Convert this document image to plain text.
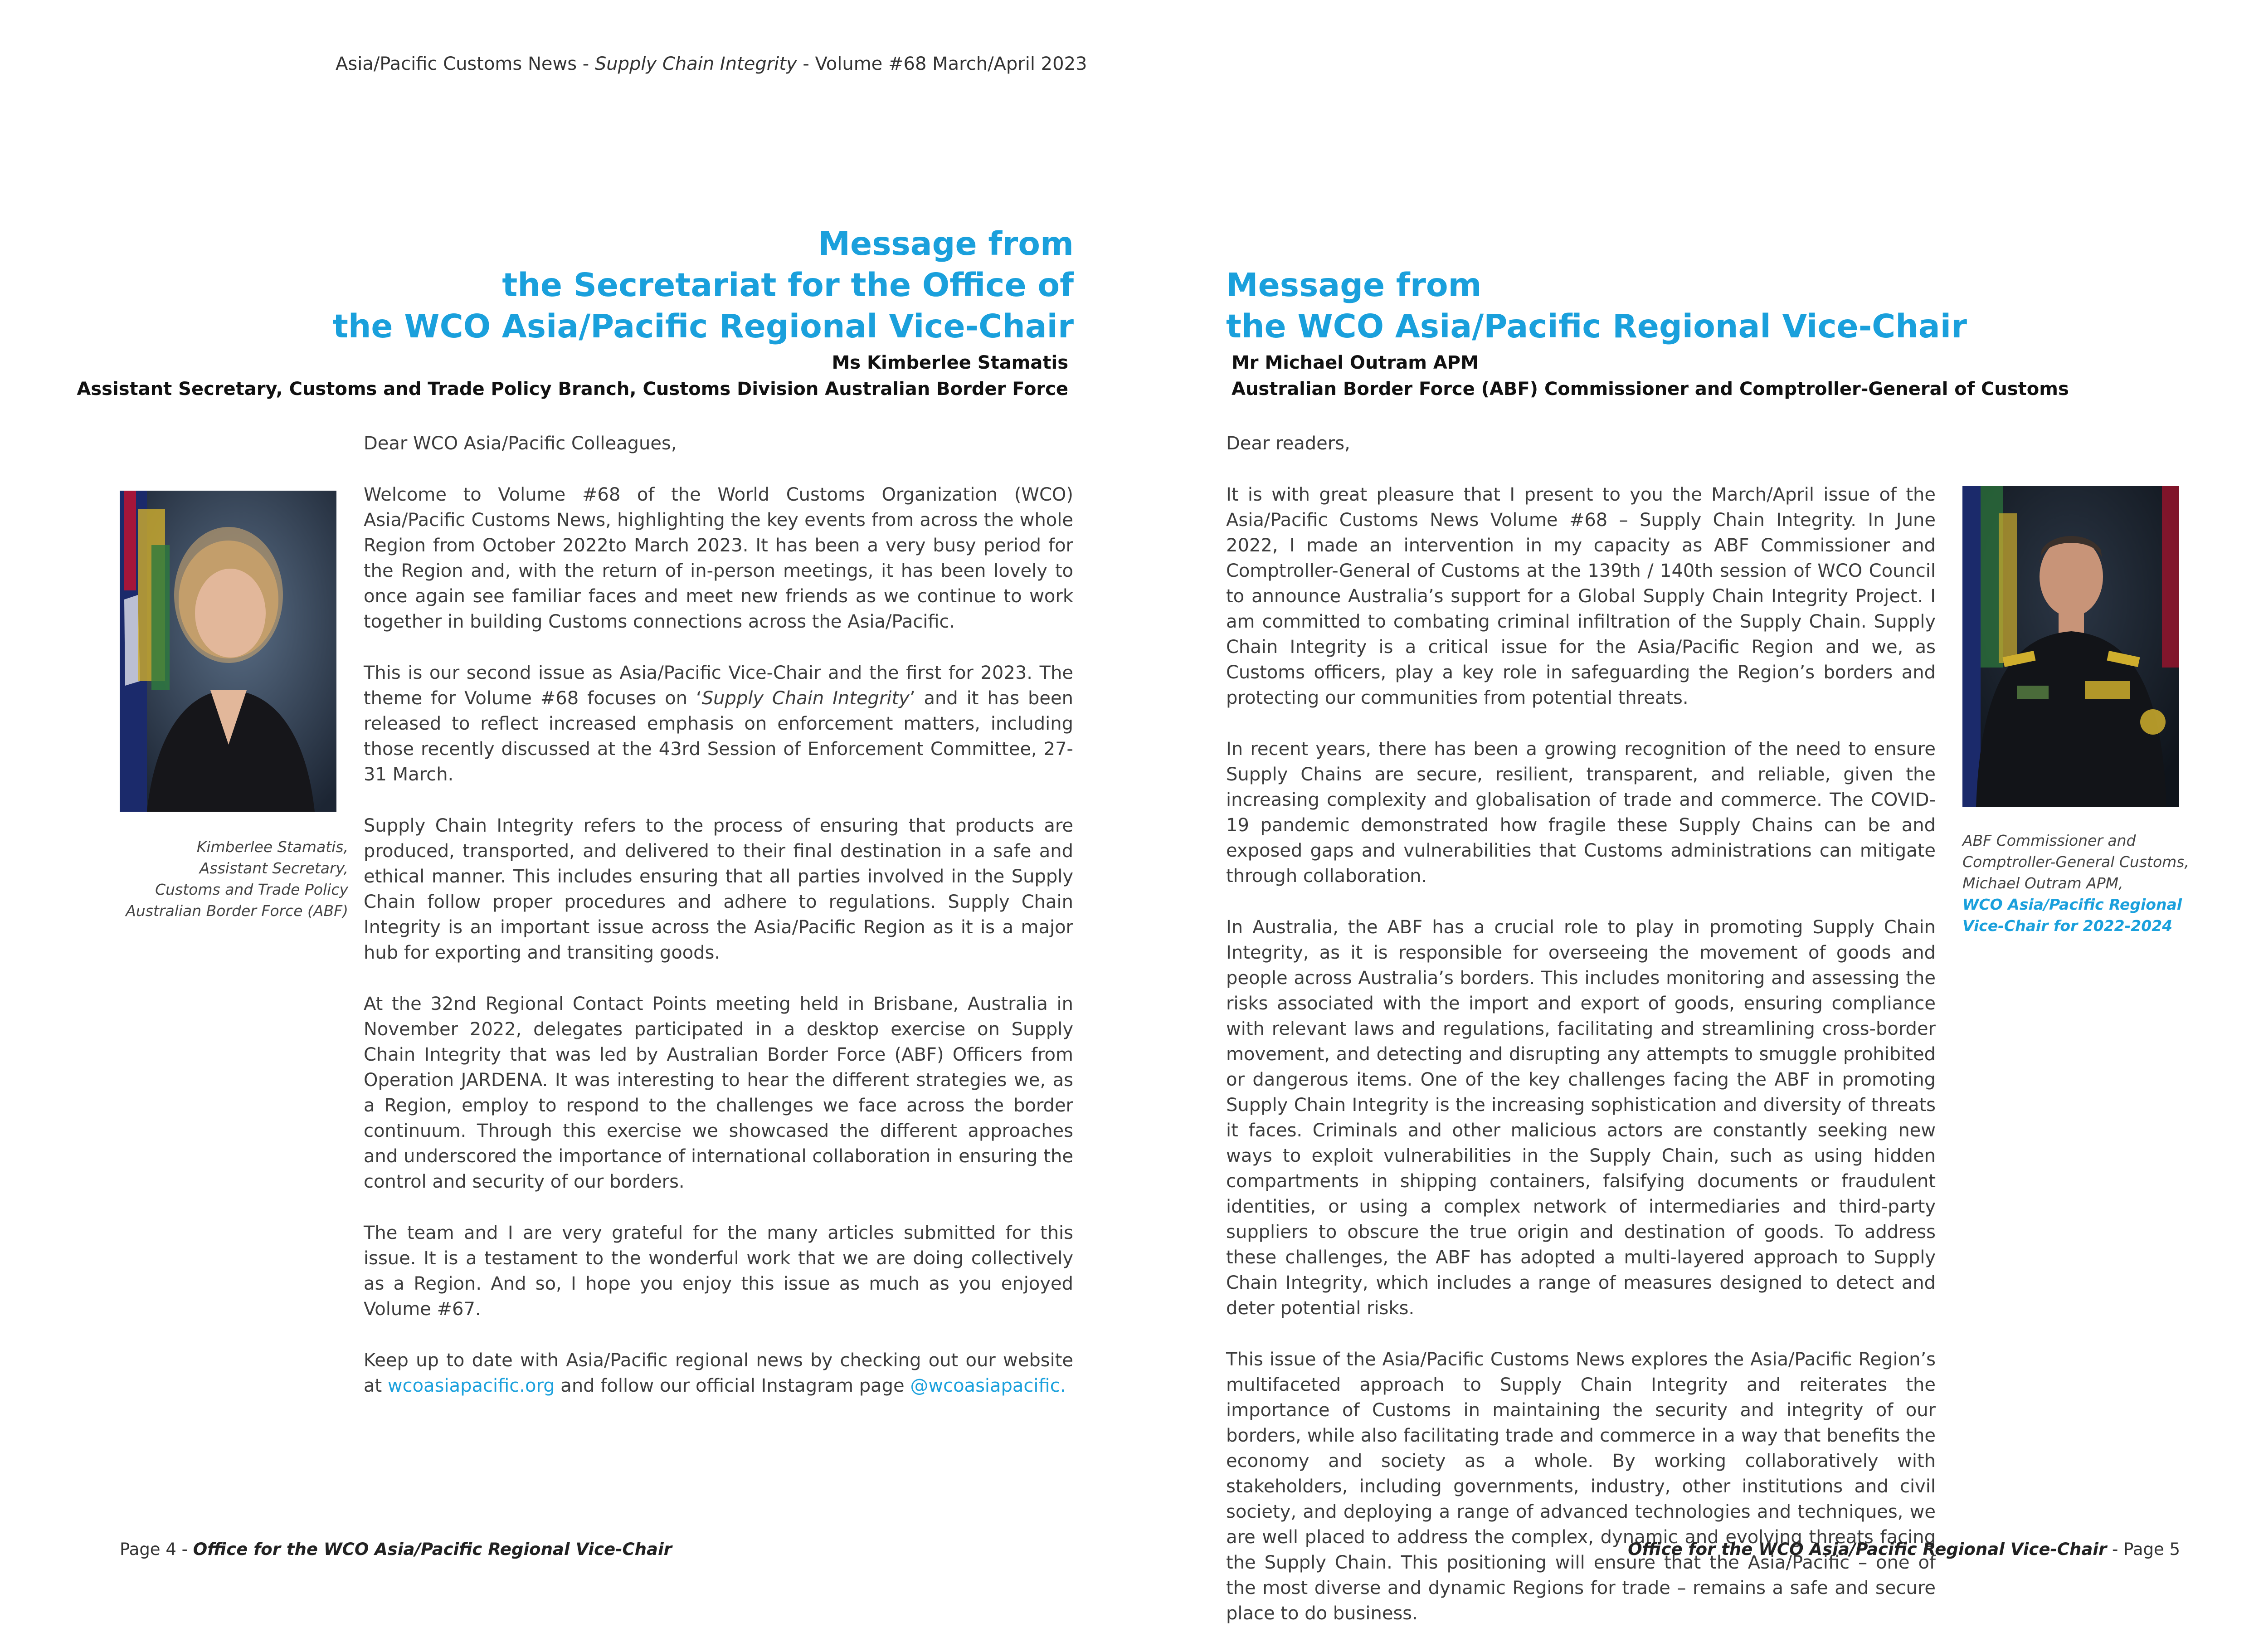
Asia/Pacific Customs News - Supply Chain Integrity - Volume #68 March/April 2023
Message from
the Secretariat for the Office of
the WCO Asia/Pacific Regional Vice-Chair
Ms Kimberlee Stamatis
Assistant Secretary, Customs and Trade Policy Branch, Customs Division Australian Border Force
Kimberlee Stamatis,
Assistant Secretary,
Customs and Trade Policy
Australian Border Force (ABF)

Dear WCO Asia/Pacific Colleagues,

Welcome to Volume #68 of the World Customs Organization (WCO) Asia/Pacific Customs News, highlighting the key events from across the whole Region from October 2022to March 2023. It has been a very busy period for the Region and, with the return of in-person meetings, it has been lovely to once again see familiar faces and meet new friends as we continue to work together in building Customs connections across the Asia/Pacific.

This is our second issue as Asia/Pacific Vice-Chair and the first for 2023. The theme for Volume #68 focuses on ‘Supply Chain Integrity’ and it has been released to reflect increased emphasis on enforcement matters, including those recently discussed at the 43rd Session of Enforcement Committee, 27-31 March.

Supply Chain Integrity refers to the process of ensuring that products are produced, transported, and delivered to their final destination in a safe and ethical manner. This includes ensuring that all parties involved in the Supply Chain follow proper procedures and adhere to regulations. Supply Chain Integrity is an important issue across the Asia/Pacific Region as it is a major hub for exporting and transiting goods.

At the 32nd Regional Contact Points meeting held in Brisbane, Australia in November 2022, delegates participated in a desktop exercise on Supply Chain Integrity that was led by Australian Border Force (ABF) Officers from Operation JARDENA. It was interesting to hear the different strategies we, as a Region, employ to respond to the challenges we face across the border continuum. Through this exercise we showcased the different approaches and underscored the importance of international collaboration in ensuring the control and security of our borders.

The team and I are very grateful for the many articles submitted for this issue. It is a testament to the wonderful work that we are doing collectively as a Region. And so, I hope you enjoy this issue as much as you enjoyed Volume #67.

Keep up to date with Asia/Pacific regional news by checking out our website at wcoasiapacific.org and follow our official Instagram page @wcoasiapacific.

Message from
the WCO Asia/Pacific Regional Vice-Chair
Mr Michael Outram APM
Australian Border Force (ABF) Commissioner and Comptroller-General of Customs
ABF Commissioner and
Comptroller-General Customs,
Michael Outram APM,
WCO Asia/Pacific Regional
Vice-Chair for 2022-2024

Dear readers,

It is with great pleasure that I present to you the March/April issue of the Asia/Pacific Customs News Volume #68 – Supply Chain Integrity. In June 2022, I made an intervention in my capacity as ABF Commissioner and Comptroller-General of Customs at the 139th / 140th session of WCO Council to announce Australia’s support for a Global Supply Chain Integrity Project. I am committed to combating criminal infiltration of the Supply Chain. Supply Chain Integrity is a critical issue for the Asia/Pacific Region and we, as Customs officers, play a key role in safeguarding the Region’s borders and protecting our communities from potential threats.

In recent years, there has been a growing recognition of the need to ensure Supply Chains are secure, resilient, transparent, and reliable, given the increasing complexity and globalisation of trade and commerce. The COVID-19 pandemic demonstrated how fragile these Supply Chains can be and exposed gaps and vulnerabilities that Customs administrations can mitigate through collaboration.

In Australia, the ABF has a crucial role to play in promoting Supply Chain Integrity, as it is responsible for overseeing the movement of goods and people across Australia’s borders. This includes monitoring and assessing the risks associated with the import and export of goods, ensuring compliance with relevant laws and regulations, facilitating and streamlining cross-border movement, and detecting and disrupting any attempts to smuggle prohibited or dangerous items. One of the key challenges facing the ABF in promoting Supply Chain Integrity is the increasing sophistication and diversity of threats it faces. Criminals and other malicious actors are constantly seeking new ways to exploit vulnerabilities in the Supply Chain, such as using hidden compartments in shipping containers, falsifying documents or fraudulent identities, or using a complex network of intermediaries and third-party suppliers to obscure the true origin and destination of goods. To address these challenges, the ABF has adopted a multi-layered approach to Supply Chain Integrity, which includes a range of measures designed to detect and deter potential risks.

This issue of the Asia/Pacific Customs News explores the Asia/Pacific Region’s multifaceted approach to Supply Chain Integrity and reiterates the importance of Customs in maintaining the security and integrity of our borders, while also facilitating trade and commerce in a way that benefits the economy and society as a whole. By working collaboratively with stakeholders, including governments, industry, other institutions and civil society, and deploying a range of advanced technologies and techniques, we are well placed to address the complex, dynamic and evolving threats facing the Supply Chain. This positioning will ensure that the Asia/Pacific – one of the most diverse and dynamic Regions for trade – remains a safe and secure place to do business.

Page 4 - Office for the WCO Asia/Pacific Regional Vice-Chair	Office for the WCO Asia/Pacific Regional Vice-Chair - Page 5
